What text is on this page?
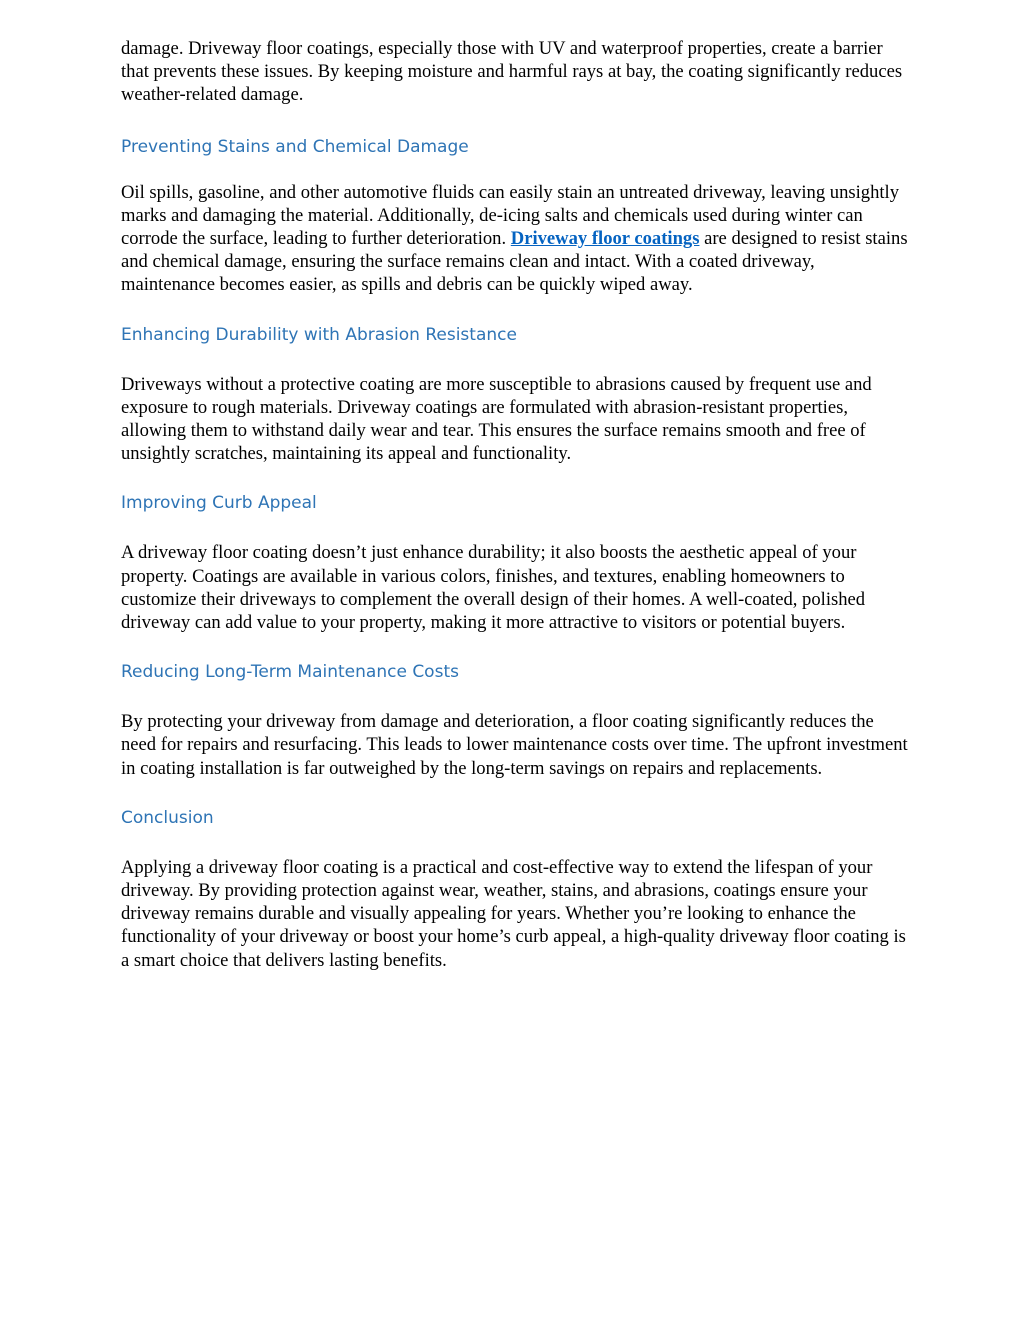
damage. Driveway floor coatings, especially those with UV and waterproof properties, create a barrier that prevents these issues. By keeping moisture and harmful rays at bay, the coating significantly reduces weather-related damage.

Preventing Stains and Chemical Damage

Oil spills, gasoline, and other automotive fluids can easily stain an untreated driveway, leaving unsightly marks and damaging the material. Additionally, de-icing salts and chemicals used during winter can corrode the surface, leading to further deterioration. Driveway floor coatings are designed to resist stains and chemical damage, ensuring the surface remains clean and intact. With a coated driveway, maintenance becomes easier, as spills and debris can be quickly wiped away.

Enhancing Durability with Abrasion Resistance

Driveways without a protective coating are more susceptible to abrasions caused by frequent use and exposure to rough materials. Driveway coatings are formulated with abrasion-resistant properties, allowing them to withstand daily wear and tear. This ensures the surface remains smooth and free of unsightly scratches, maintaining its appeal and functionality.

Improving Curb Appeal

A driveway floor coating doesn’t just enhance durability; it also boosts the aesthetic appeal of your property. Coatings are available in various colors, finishes, and textures, enabling homeowners to customize their driveways to complement the overall design of their homes. A well-coated, polished driveway can add value to your property, making it more attractive to visitors or potential buyers.

Reducing Long-Term Maintenance Costs

By protecting your driveway from damage and deterioration, a floor coating significantly reduces the need for repairs and resurfacing. This leads to lower maintenance costs over time. The upfront investment in coating installation is far outweighed by the long-term savings on repairs and replacements.

Conclusion

Applying a driveway floor coating is a practical and cost-effective way to extend the lifespan of your driveway. By providing protection against wear, weather, stains, and abrasions, coatings ensure your driveway remains durable and visually appealing for years. Whether you’re looking to enhance the functionality of your driveway or boost your home’s curb appeal, a high-quality driveway floor coating is a smart choice that delivers lasting benefits.
